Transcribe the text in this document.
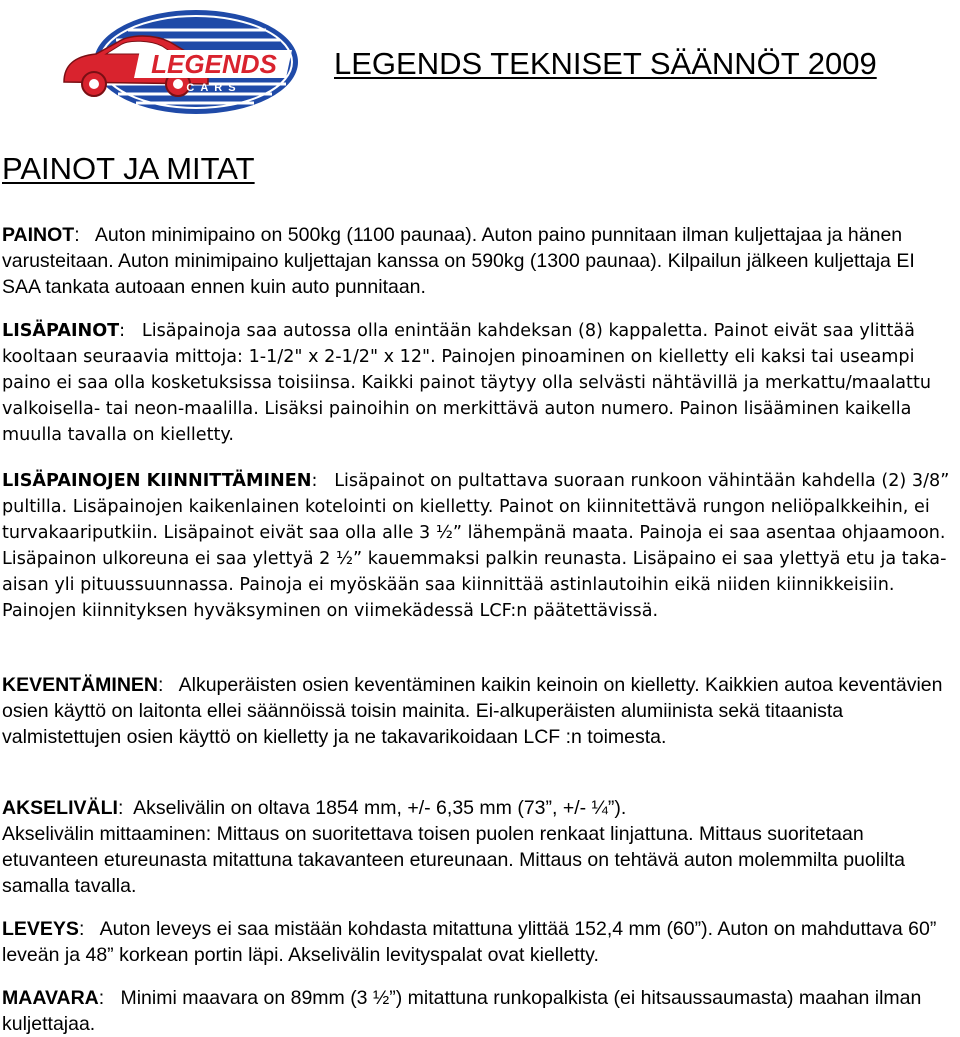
LEGENDS
CARS
LEGENDS TEKNISET SÄÄNNÖT 2009
PAINOT JA MITAT

PAINOT:   Auton minimipaino on 500kg (1100 paunaa). Auton paino punnitaan ilman kuljettajaa ja hänen varusteitaan. Auton minimipaino kuljettajan kanssa on 590kg (1300 paunaa). Kilpailun jälkeen kuljettaja EI SAA tankata autoaan ennen kuin auto punnitaan.

LISÄPAINOT:   Lisäpainoja saa autossa olla enintään kahdeksan (8) kappaletta. Painot eivät saa ylittää kooltaan seuraavia mittoja: 1-1/2" x 2-1/2" x 12". Painojen pinoaminen on kielletty eli kaksi tai useampi paino ei saa olla kosketuksissa toisiinsa. Kaikki painot täytyy olla selvästi nähtävillä ja merkattu/maalattu valkoisella- tai neon-maalilla. Lisäksi painoihin on merkittävä auton numero. Painon lisääminen kaikella muulla tavalla on kielletty.

LISÄPAINOJEN KIINNITTÄMINEN:   Lisäpainot on pultattava suoraan runkoon vähintään kahdella (2) 3/8” pultilla. Lisäpainojen kaikenlainen kotelointi on kielletty. Painot on kiinnitettävä rungon neliöpalkkeihin, ei turvakaariputkiin. Lisäpainot eivät saa olla alle 3 ½” lähempänä maata. Painoja ei saa asentaa ohjaamoon. Lisäpainon ulkoreuna ei saa ylettyä 2 ½” kauemmaksi palkin reunasta. Lisäpaino ei saa ylettyä etu ja taka-aisan yli pituussuunnassa. Painoja ei myöskään saa kiinnittää astinlautoihin eikä niiden kiinnikkeisiin. Painojen kiinnityksen hyväksyminen on viimekädessä LCF:n päätettävissä.

KEVENTÄMINEN:   Alkuperäisten osien keventäminen kaikin keinoin on kielletty. Kaikkien autoa keventävien osien käyttö on laitonta ellei säännöissä toisin mainita. Ei-alkuperäisten alumiinista sekä titaanista valmistettujen osien käyttö on kielletty ja ne takavarikoidaan LCF :n toimesta.

AKSELIVÄLI:  Akselivälin on oltava 1854 mm, +/- 6,35 mm (73”, +/- ¼”).
Akselivälin mittaaminen: Mittaus on suoritettava toisen puolen renkaat linjattuna. Mittaus suoritetaan etuvanteen etureunasta mitattuna takavanteen etureunaan. Mittaus on tehtävä auton molemmilta puolilta samalla tavalla.

LEVEYS:   Auton leveys ei saa mistään kohdasta mitattuna ylittää 152,4 mm (60”). Auton on mahduttava 60” leveän ja 48” korkean portin läpi. Akselivälin levityspalat ovat kielletty.

MAAVARA:   Minimi maavara on 89mm (3 ½”) mitattuna runkopalkista (ei hitsaussaumasta) maahan ilman kuljettajaa.
